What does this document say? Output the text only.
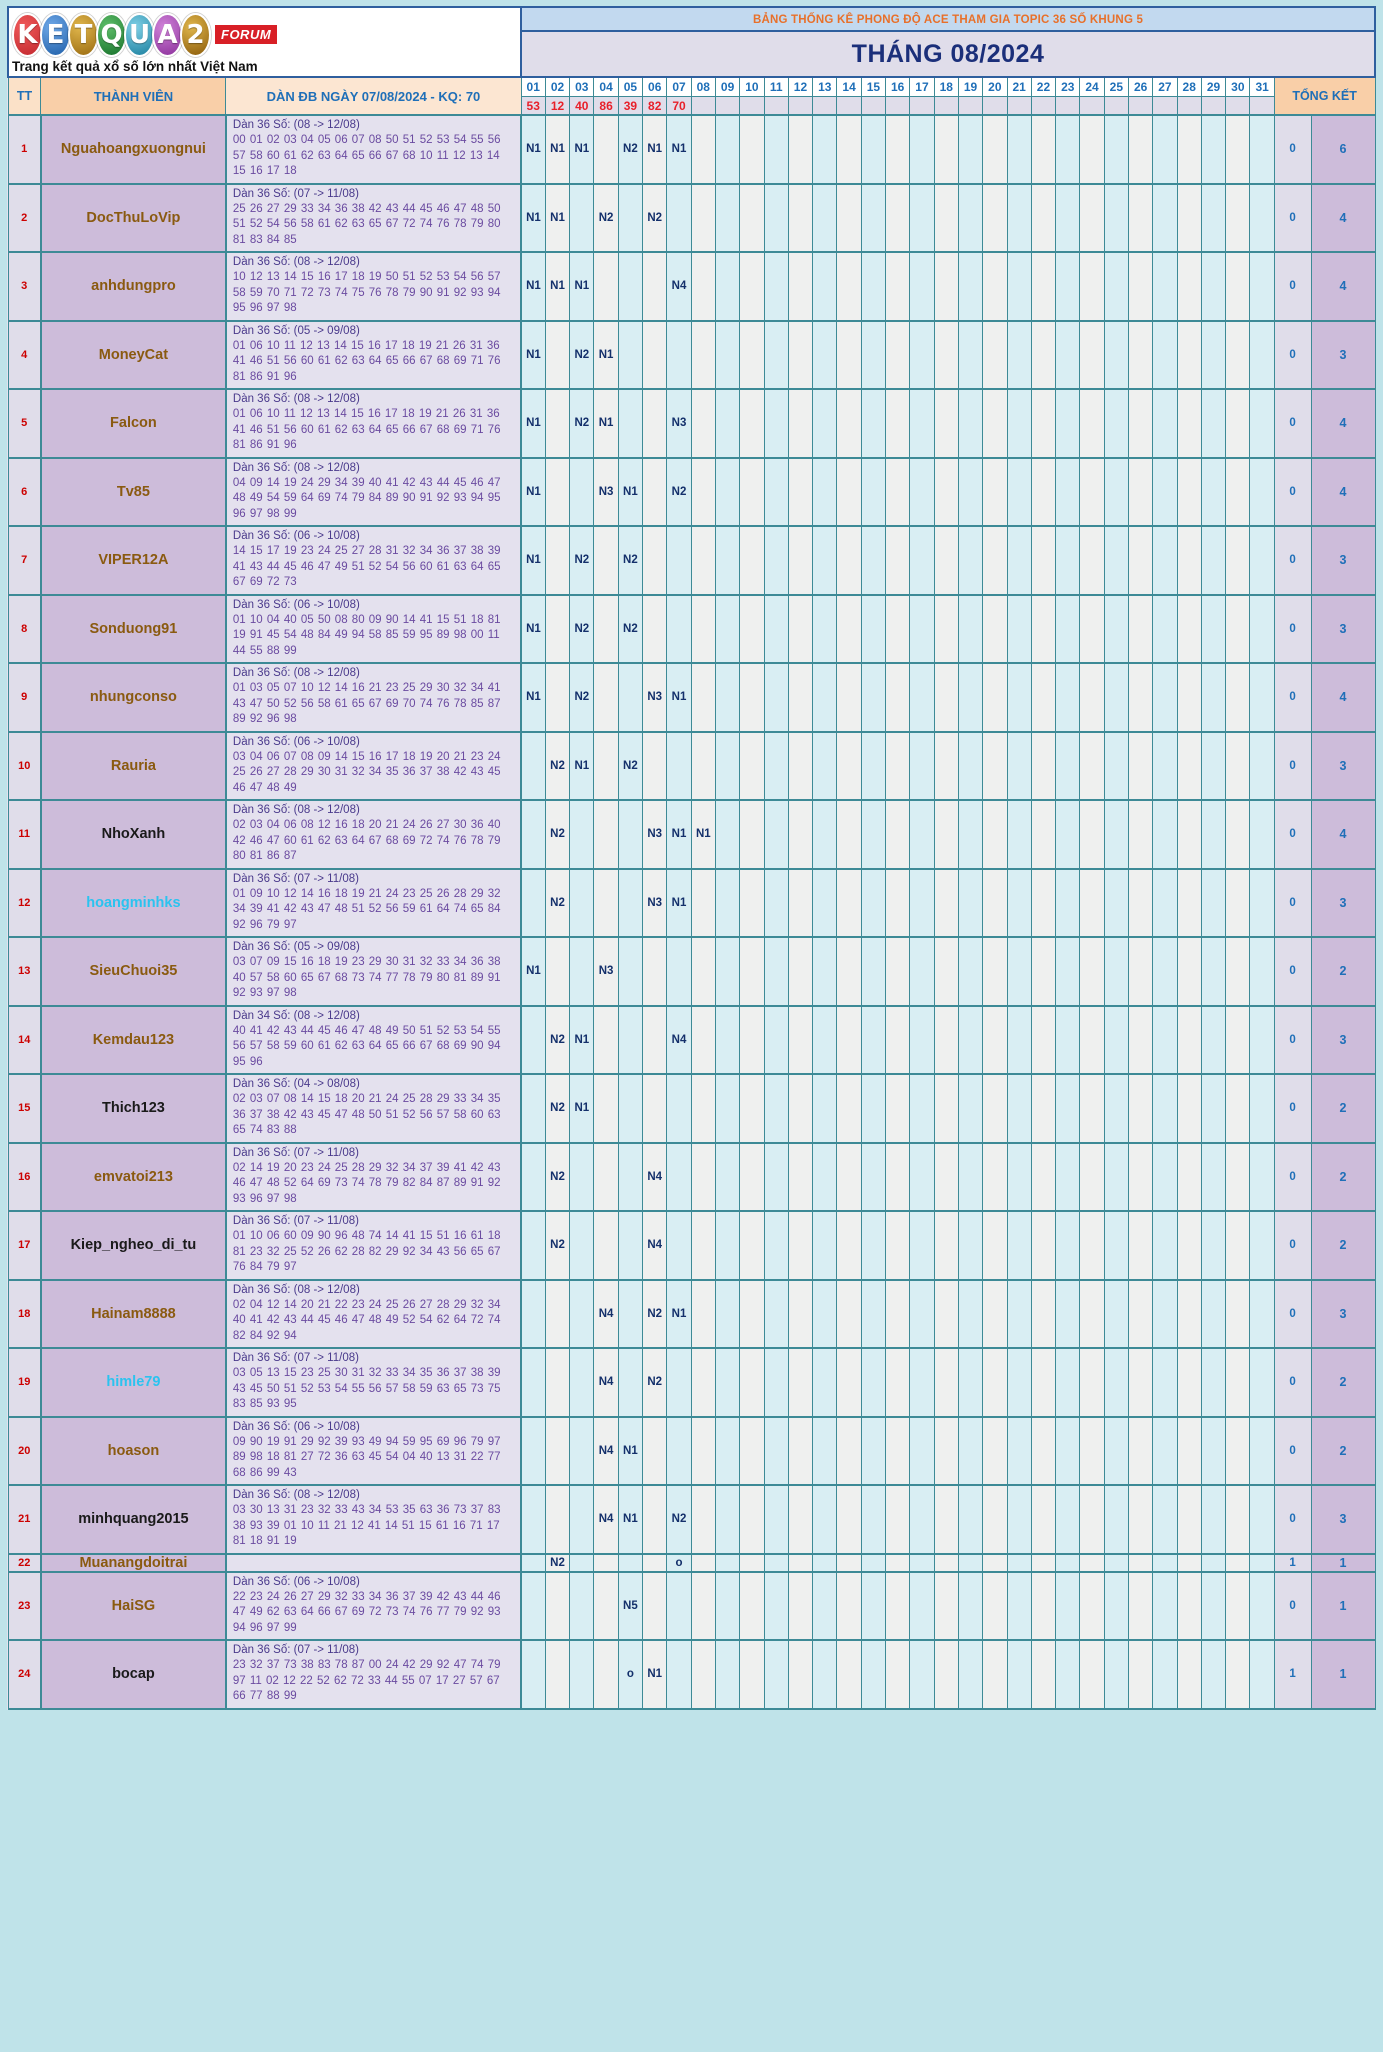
K E T Q U A 2	FORUM
Trang kết quả xổ số lớn nhất Việt Nam
	BẢNG THỐNG KÊ PHONG ĐỘ ACE THAM GIA TOPIC 36 SỐ KHUNG 5
			THÁNG 08/2024																																
TT	THÀNH VIÊN	DÀN ĐB NGÀY 07/08/2024 - KQ: 70	01	02	03	04	05	06	07	08	09	10	11	12	13	14	15	16	17	18	19	20	21	22	23	24	25	26	27	28	29	30	31	TỔNG KẾT	
			53	12	40	86	39	82	70																										
1	Nguahoangxuongnui	Dàn 36 Số: (08 -> 12/08)
00 01 02 03 04 05 06 07 08 50 51 52 53 54 55 56 57 58 60 61 62 63 64 65 66 67 68 10 11 12 13 14 15 16 17 18	N1	N1	N1		N2	N1	N1																									0	6
2	DocThuLoVip	Dàn 36 Số: (07 -> 11/08)
25 26 27 29 33 34 36 38 42 43 44 45 46 47 48 50 51 52 54 56 58 61 62 63 65 67 72 74 76 78 79 80 81 83 84 85	N1	N1		N2		N2																										0	4
3	anhdungpro	Dàn 36 Số: (08 -> 12/08)
10 12 13 14 15 16 17 18 19 50 51 52 53 54 56 57 58 59 70 71 72 73 74 75 76 78 79 90 91 92 93 94 95 96 97 98	N1	N1	N1				N4																									0	4
4	MoneyCat	Dàn 36 Số: (05 -> 09/08)
01 06 10 11 12 13 14 15 16 17 18 19 21 26 31 36 41 46 51 56 60 61 62 63 64 65 66 67 68 69 71 76 81 86 91 96	N1		N2	N1																												0	3
5	Falcon	Dàn 36 Số: (08 -> 12/08)
01 06 10 11 12 13 14 15 16 17 18 19 21 26 31 36 41 46 51 56 60 61 62 63 64 65 66 67 68 69 71 76 81 86 91 96	N1		N2	N1			N3																									0	4
6	Tv85	Dàn 36 Số: (08 -> 12/08)
04 09 14 19 24 29 34 39 40 41 42 43 44 45 46 47 48 49 54 59 64 69 74 79 84 89 90 91 92 93 94 95 96 97 98 99	N1			N3	N1		N2																									0	4
7	VIPER12A	Dàn 36 Số: (06 -> 10/08)
14 15 17 19 23 24 25 27 28 31 32 34 36 37 38 39 41 43 44 45 46 47 49 51 52 54 56 60 61 63 64 65 67 69 72 73	N1		N2		N2																											0	3
8	Sonduong91	Dàn 36 Số: (06 -> 10/08)
01 10 04 40 05 50 08 80 09 90 14 41 15 51 18 81 19 91 45 54 48 84 49 94 58 85 59 95 89 98 00 11 44 55 88 99	N1		N2		N2																											0	3
9	nhungconso	Dàn 36 Số: (08 -> 12/08)
01 03 05 07 10 12 14 16 21 23 25 29 30 32 34 41 43 47 50 52 56 58 61 65 67 69 70 74 76 78 85 87 89 92 96 98	N1		N2			N3	N1																									0	4
10	Rauria	Dàn 36 Số: (06 -> 10/08)
03 04 06 07 08 09 14 15 16 17 18 19 20 21 23 24 25 26 27 28 29 30 31 32 34 35 36 37 38 42 43 45 46 47 48 49		N2	N1		N2																											0	3
11	NhoXanh	Dàn 36 Số: (08 -> 12/08)
02 03 04 06 08 12 16 18 20 21 24 26 27 30 36 40 42 46 47 60 61 62 63 64 67 68 69 72 74 76 78 79 80 81 86 87		N2				N3	N1	N1																								0	4
12	hoangminhks	Dàn 36 Số: (07 -> 11/08)
01 09 10 12 14 16 18 19 21 24 23 25 26 28 29 32 34 39 41 42 43 47 48 51 52 56 59 61 64 74 65 84 92 96 79 97		N2				N3	N1																									0	3
13	SieuChuoi35	Dàn 36 Số: (05 -> 09/08)
03 07 09 15 16 18 19 23 29 30 31 32 33 34 36 38 40 57 58 60 65 67 68 73 74 77 78 79 80 81 89 91 92 93 97 98	N1			N3																												0	2
14	Kemdau123	Dàn 34 Số: (08 -> 12/08)
40 41 42 43 44 45 46 47 48 49 50 51 52 53 54 55 56 57 58 59 60 61 62 63 64 65 66 67 68 69 90 94 95 96		N2	N1				N4																									0	3
15	Thich123	Dàn 36 Số: (04 -> 08/08)
02 03 07 08 14 15 18 20 21 24 25 28 29 33 34 35 36 37 38 42 43 45 47 48 50 51 52 56 57 58 60 63 65 74 83 88		N2	N1																													0	2
16	emvatoi213	Dàn 36 Số: (07 -> 11/08)
02 14 19 20 23 24 25 28 29 32 34 37 39 41 42 43 46 47 48 52 64 69 73 74 78 79 82 84 87 89 91 92 93 96 97 98		N2				N4																										0	2
17	Kiep_ngheo_di_tu	Dàn 36 Số: (07 -> 11/08)
01 10 06 60 09 90 96 48 74 14 41 15 51 16 61 18 81 23 32 25 52 26 62 28 82 29 92 34 43 56 65 67 76 84 79 97		N2				N4																										0	2
18	Hainam8888	Dàn 36 Số: (08 -> 12/08)
02 04 12 14 20 21 22 23 24 25 26 27 28 29 32 34 40 41 42 43 44 45 46 47 48 49 52 54 62 64 72 74 82 84 92 94				N4		N2	N1																									0	3
19	himle79	Dàn 36 Số: (07 -> 11/08)
03 05 13 15 23 25 30 31 32 33 34 35 36 37 38 39 43 45 50 51 52 53 54 55 56 57 58 59 63 65 73 75 83 85 93 95				N4		N2																										0	2
20	hoason	Dàn 36 Số: (06 -> 10/08)
09 90 19 91 29 92 39 93 49 94 59 95 69 96 79 97 89 98 18 81 27 72 36 63 45 54 04 40 13 31 22 77 68 86 99 43				N4	N1																											0	2
21	minhquang2015	Dàn 36 Số: (08 -> 12/08)
03 30 13 31 23 32 33 43 34 53 35 63 36 73 37 83 38 93 39 01 10 11 21 12 41 14 51 15 61 16 71 17 81 18 91 19				N4	N1		N2																									0	3
22	Muanangdoitrai			N2					o																									1	1
23	HaiSG	Dàn 36 Số: (06 -> 10/08)
22 23 24 26 27 29 32 33 34 36 37 39 42 43 44 46 47 49 62 63 64 66 67 69 72 73 74 76 77 79 92 93 94 96 97 99					N5																											0	1
24	bocap	Dàn 36 Số: (07 -> 11/08)
23 32 37 73 38 83 78 87 00 24 42 29 92 47 74 79 97 11 02 12 22 52 62 72 33 44 55 07 17 27 57 67 66 77 88 99					o	N1																										1	1
